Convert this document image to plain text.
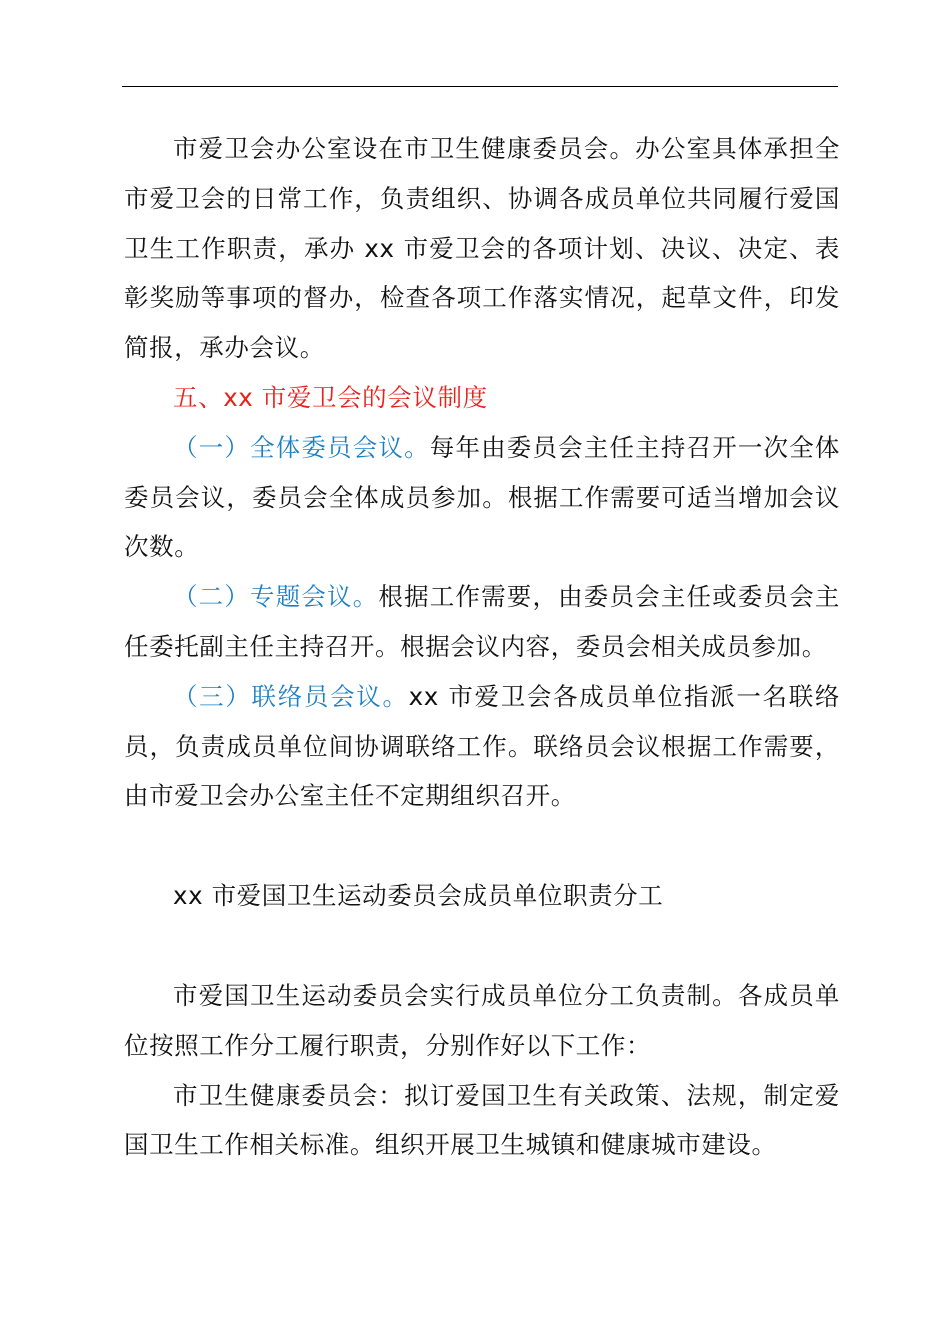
市爱卫会办公室设在市卫生健康委员会。办公室具体承担全市爱卫会的日常工作，负责组织、协调各成员单位共同履行爱国卫生工作职责，承办 xx 市爱卫会的各项计划、决议、决定、表彰奖励等事项的督办，检查各项工作落实情况，起草文件，印发简报，承办会议。

五、xx 市爱卫会的会议制度

（一）全体委员会议。每年由委员会主任主持召开一次全体委员会议，委员会全体成员参加。根据工作需要可适当增加会议次数。

（二）专题会议。根据工作需要，由委员会主任或委员会主任委托副主任主持召开。根据会议内容，委员会相关成员参加。

（三）联络员会议。xx 市爱卫会各成员单位指派一名联络员，负责成员单位间协调联络工作。联络员会议根据工作需要，由市爱卫会办公室主任不定期组织召开。

xx 市爱国卫生运动委员会成员单位职责分工

市爱国卫生运动委员会实行成员单位分工负责制。各成员单位按照工作分工履行职责，分别作好以下工作：

市卫生健康委员会：拟订爱国卫生有关政策、法规，制定爱国卫生工作相关标准。组织开展卫生城镇和健康城市建设。
